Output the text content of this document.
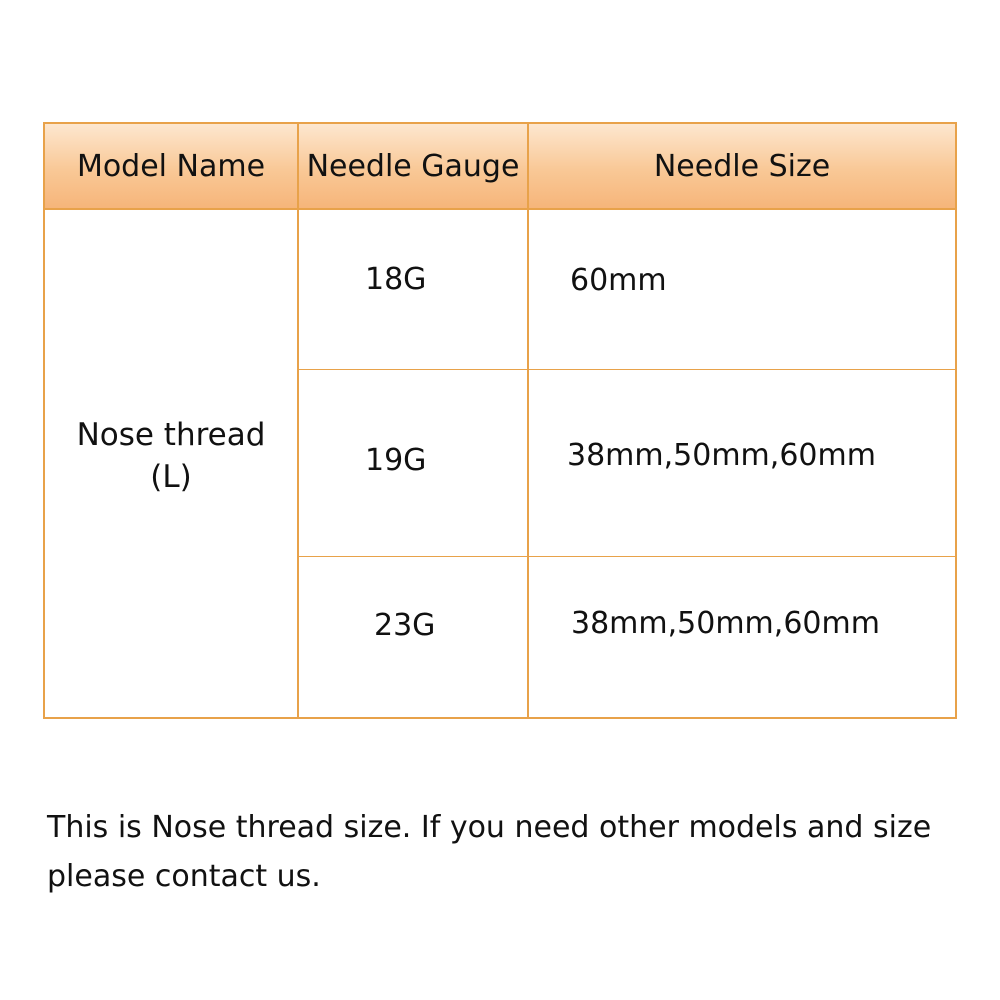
Model Name	Needle Gauge	Needle Size
Nose thread
(L)
18G	60mm
19G	38mm,50mm,60mm
23G	38mm,50mm,60mm
This is Nose thread size. If you need other models and size please contact us.
